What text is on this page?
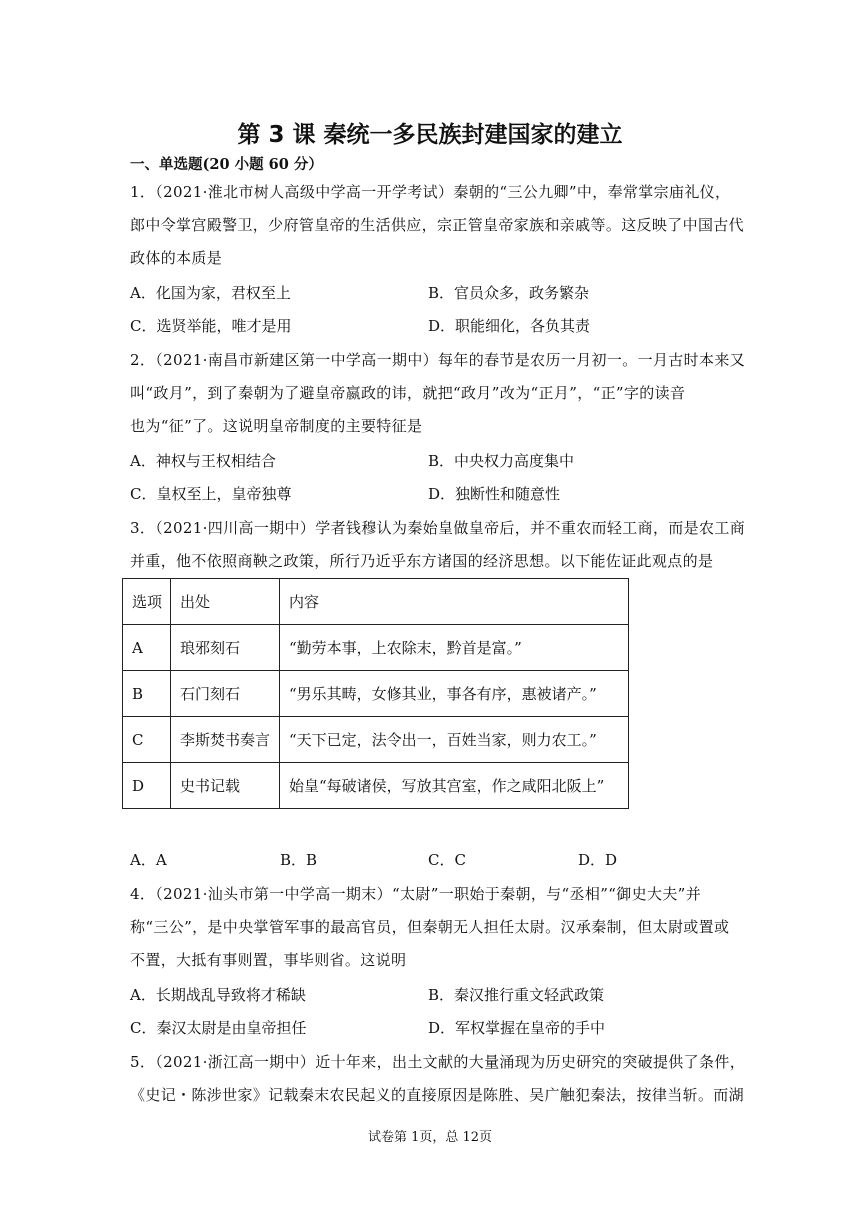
第 3 课 秦统一多民族封建国家的建立
一、单选题(20 小题 60 分）
1．（2021·淮北市树人高级中学高一开学考试）秦朝的“三公九卿”中，奉常掌宗庙礼仪，
郎中令掌宫殿警卫，少府管皇帝的生活供应，宗正管皇帝家族和亲戚等。这反映了中国古代
政体的本质是
A．化国为家，君权至上	B．官员众多，政务繁杂
C．选贤举能，唯才是用	D．职能细化，各负其责
2．（2021·南昌市新建区第一中学高一期中）每年的春节是农历一月初一。一月古时本来又
叫“政月”，到了秦朝为了避皇帝嬴政的讳，就把“政月”改为“正月”，“正”字的读音
也为“征”了。这说明皇帝制度的主要特征是
A．神权与王权相结合	B．中央权力高度集中
C．皇权至上，皇帝独尊	D．独断性和随意性
3．（2021·四川高一期中）学者钱穆认为秦始皇做皇帝后，并不重农而轻工商，而是农工商
并重，他不依照商鞅之政策，所行乃近乎东方诸国的经济思想。以下能佐证此观点的是
选项	出处	内容
A	琅邪刻石	“勤劳本事，上农除末，黔首是富。”
B	石门刻石	“男乐其畴，女修其业，事各有序，惠被诸产。”
C	李斯焚书奏言	“天下已定，法令出一，百姓当家，则力农工。”
D	史书记载	始皇“每破诸侯，写放其宫室，作之咸阳北阪上”
A．A	B．B	C．C	D．D
4．（2021·汕头市第一中学高一期末）“太尉”一职始于秦朝，与“丞相”“御史大夫”并
称“三公”，是中央掌管军事的最高官员，但秦朝无人担任太尉。汉承秦制，但太尉或置或
不置，大抵有事则置，事毕则省。这说明
A．长期战乱导致将才稀缺	B．秦汉推行重文轻武政策
C．秦汉太尉是由皇帝担任	D．军权掌握在皇帝的手中
5．（2021·浙江高一期中）近十年来，出土文献的大量涌现为历史研究的突破提供了条件，
《史记・陈涉世家》记载秦末农民起义的直接原因是陈胜、吴广触犯秦法，按律当斩。而湖
试卷第 1页，总 12页
